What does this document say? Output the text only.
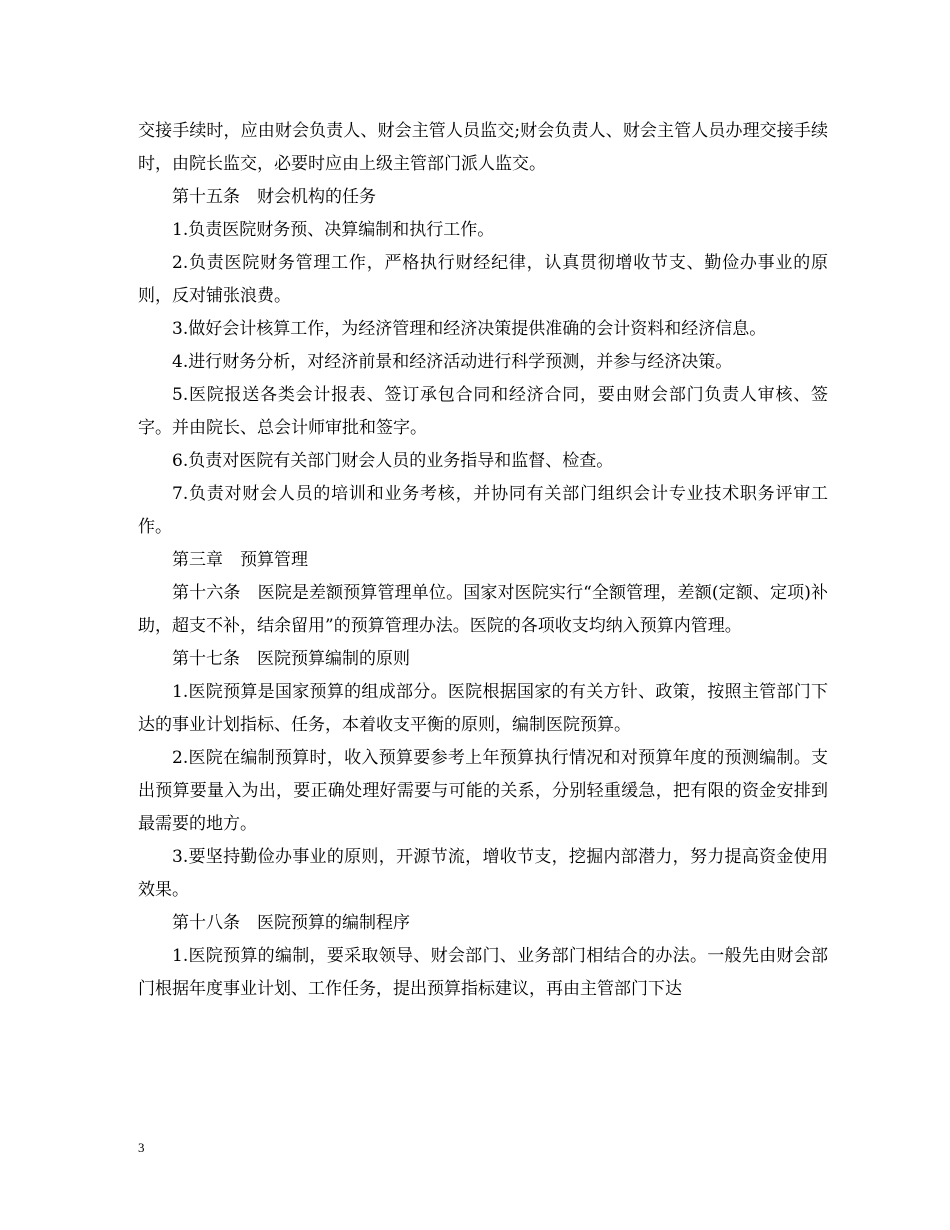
交接手续时，应由财会负责人、财会主管人员监交;财会负责人、财会主管人员办理交接手续时，由院长监交，必要时应由上级主管部门派人监交。

第十五条　财会机构的任务

1.负责医院财务预、决算编制和执行工作。

2.负责医院财务管理工作，严格执行财经纪律，认真贯彻增收节支、勤俭办事业的原则，反对铺张浪费。

3.做好会计核算工作，为经济管理和经济决策提供准确的会计资料和经济信息。

4.进行财务分析，对经济前景和经济活动进行科学预测，并参与经济决策。

5.医院报送各类会计报表、签订承包合同和经济合同，要由财会部门负责人审核、签字。并由院长、总会计师审批和签字。

6.负责对医院有关部门财会人员的业务指导和监督、检查。

7.负责对财会人员的培训和业务考核，并协同有关部门组织会计专业技术职务评审工作。

第三章　预算管理

第十六条　医院是差额预算管理单位。国家对医院实行“全额管理，差额(定额、定项)补助，超支不补，结余留用”的预算管理办法。医院的各项收支均纳入预算内管理。

第十七条　医院预算编制的原则

1.医院预算是国家预算的组成部分。医院根据国家的有关方针、政策，按照主管部门下达的事业计划指标、任务，本着收支平衡的原则，编制医院预算。

2.医院在编制预算时，收入预算要参考上年预算执行情况和对预算年度的预测编制。支出预算要量入为出，要正确处理好需要与可能的关系，分别轻重缓急，把有限的资金安排到最需要的地方。

3.要坚持勤俭办事业的原则，开源节流，增收节支，挖掘内部潜力，努力提高资金使用效果。

第十八条　医院预算的编制程序

1.医院预算的编制，要采取领导、财会部门、业务部门相结合的办法。一般先由财会部门根据年度事业计划、工作任务，提出预算指标建议，再由主管部门下达

3
